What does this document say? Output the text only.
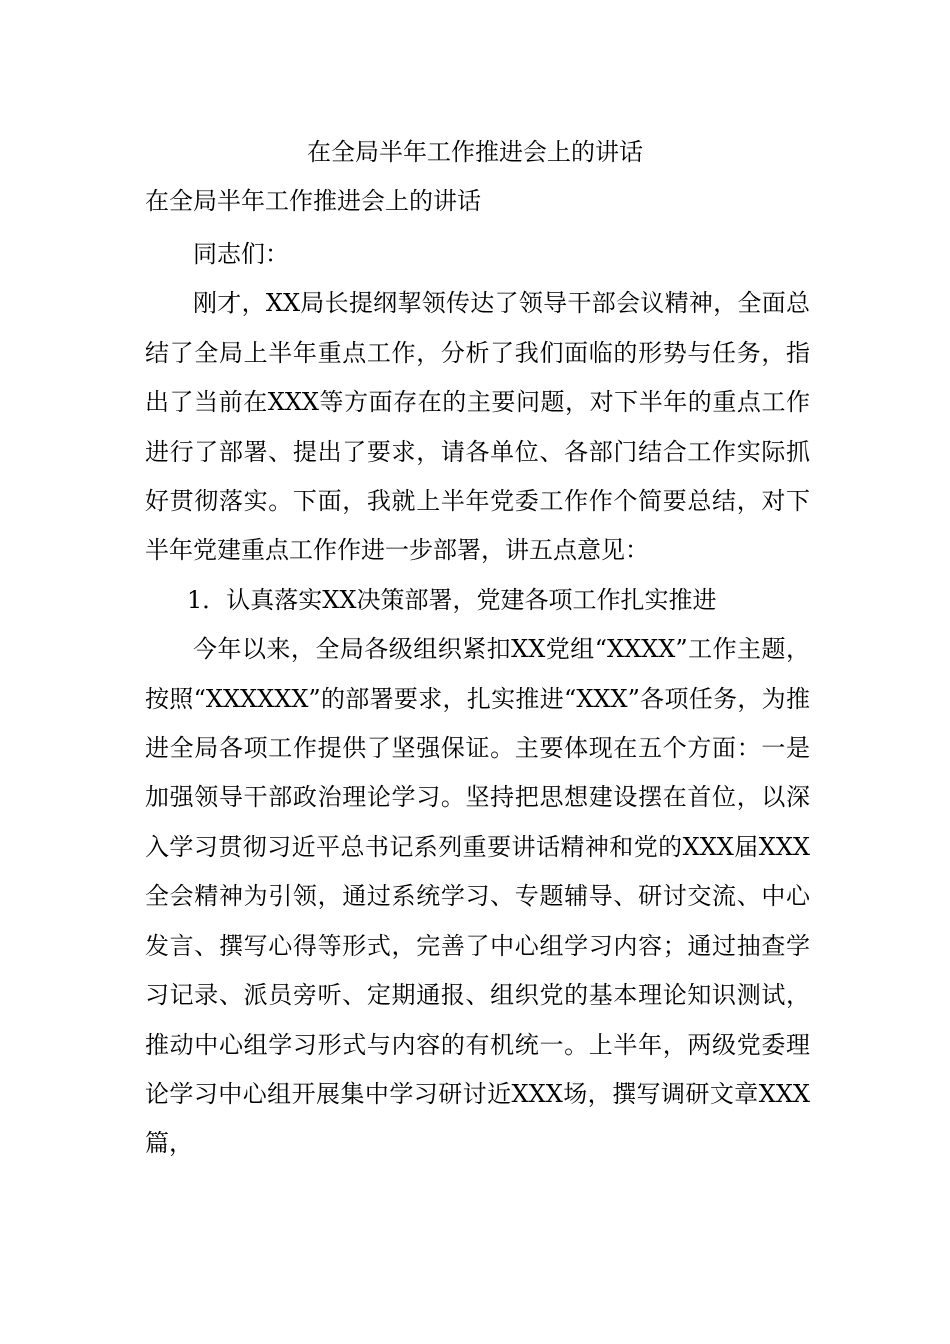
在全局半年工作推进会上的讲话
在全局半年工作推进会上的讲话

同志们：

刚才，XX局长提纲挈领传达了领导干部会议精神，全面总结了全局上半年重点工作，分析了我们面临的形势与任务，指出了当前在XXX等方面存在的主要问题，对下半年的重点工作进行了部署、提出了要求，请各单位、各部门结合工作实际抓好贯彻落实。下面，我就上半年党委工作作个简要总结，对下半年党建重点工作作进一步部署，讲五点意见：

1．认真落实XX决策部署，党建各项工作扎实推进

今年以来，全局各级组织紧扣XX党组“XXXX”工作主题，按照“XXXXXX”的部署要求，扎实推进“XXX”各项任务，为推进全局各项工作提供了坚强保证。主要体现在五个方面：一是加强领导干部政治理论学习。坚持把思想建设摆在首位，以深入学习贯彻习近平总书记系列重要讲话精神和党的XXX届XXX全会精神为引领，通过系统学习、专题辅导、研讨交流、中心发言、撰写心得等形式，完善了中心组学习内容；通过抽查学习记录、派员旁听、定期通报、组织党的基本理论知识测试，推动中心组学习形式与内容的有机统一。上半年，两级党委理论学习中心组开展集中学习研讨近XXX场，撰写调研文章XXX篇，
